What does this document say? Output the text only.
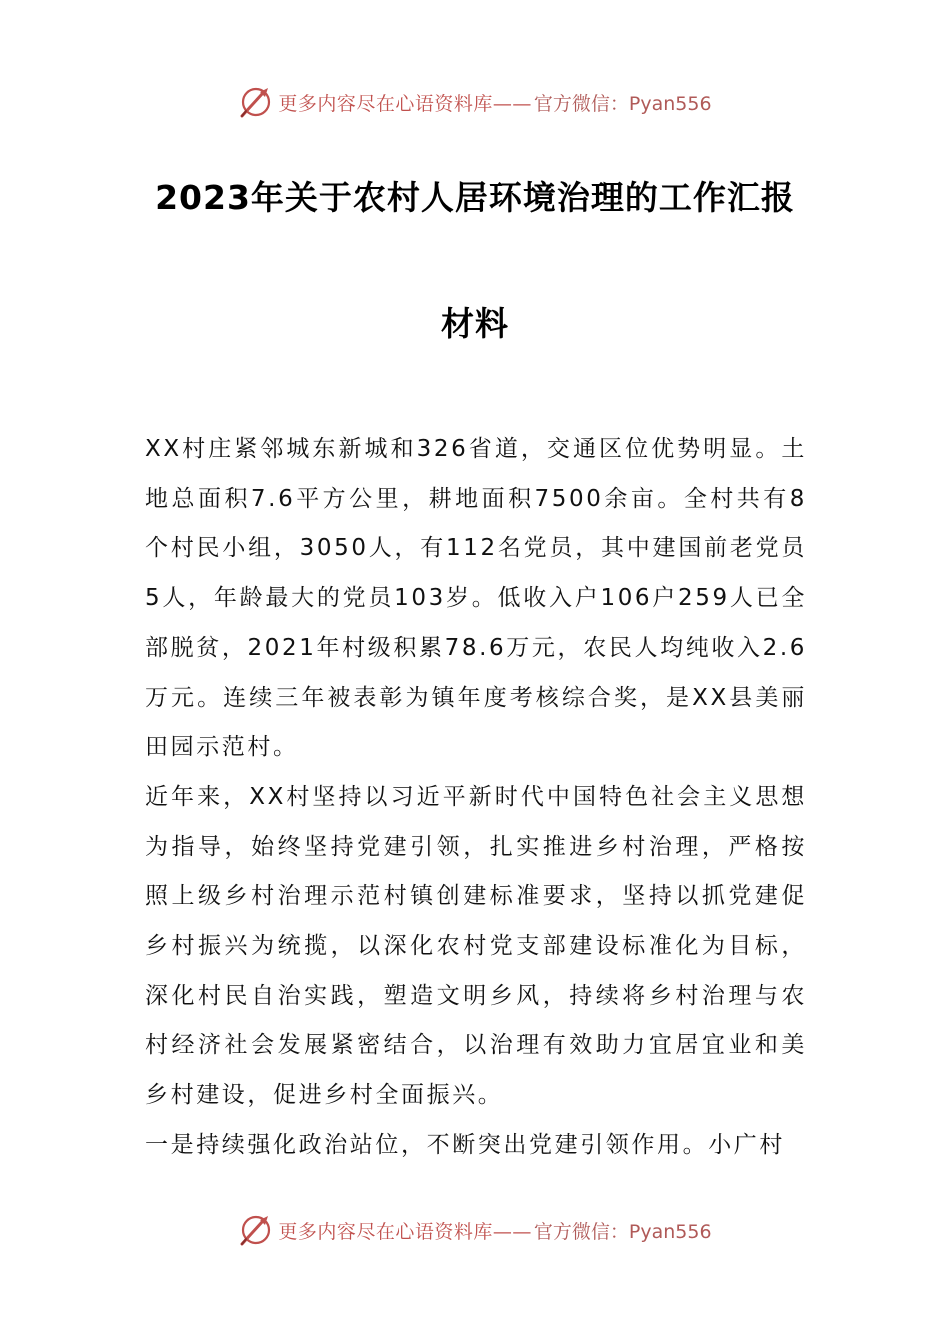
更多内容尽在心语资料库—— 官方微信：Pyan556
2023年关于农村人居环境治理的工作汇报
材料

XX村庄紧邻城东新城和326省道，交通区位优势明显。土地总面积7.6平方公里，耕地面积7500余亩。全村共有8个村民小组，3050人，有112名党员，其中建国前老党员5人，年龄最大的党员103岁。低收入户106户259人已全部脱贫，2021年村级积累78.6万元，农民人均纯收入2.6万元。连续三年被表彰为镇年度考核综合奖，是XX县美丽田园示范村。

近年来，XX村坚持以习近平新时代中国特色社会主义思想为指导，始终坚持党建引领，扎实推进乡村治理，严格按照上级乡村治理示范村镇创建标准要求，坚持以抓党建促乡村振兴为统揽，以深化农村党支部建设标准化为目标，深化村民自治实践，塑造文明乡风，持续将乡村治理与农村经济社会发展紧密结合，以治理有效助力宜居宜业和美乡村建设，促进乡村全面振兴。

一是持续强化政治站位，不断突出党建引领作用。小广村

更多内容尽在心语资料库—— 官方微信：Pyan556
